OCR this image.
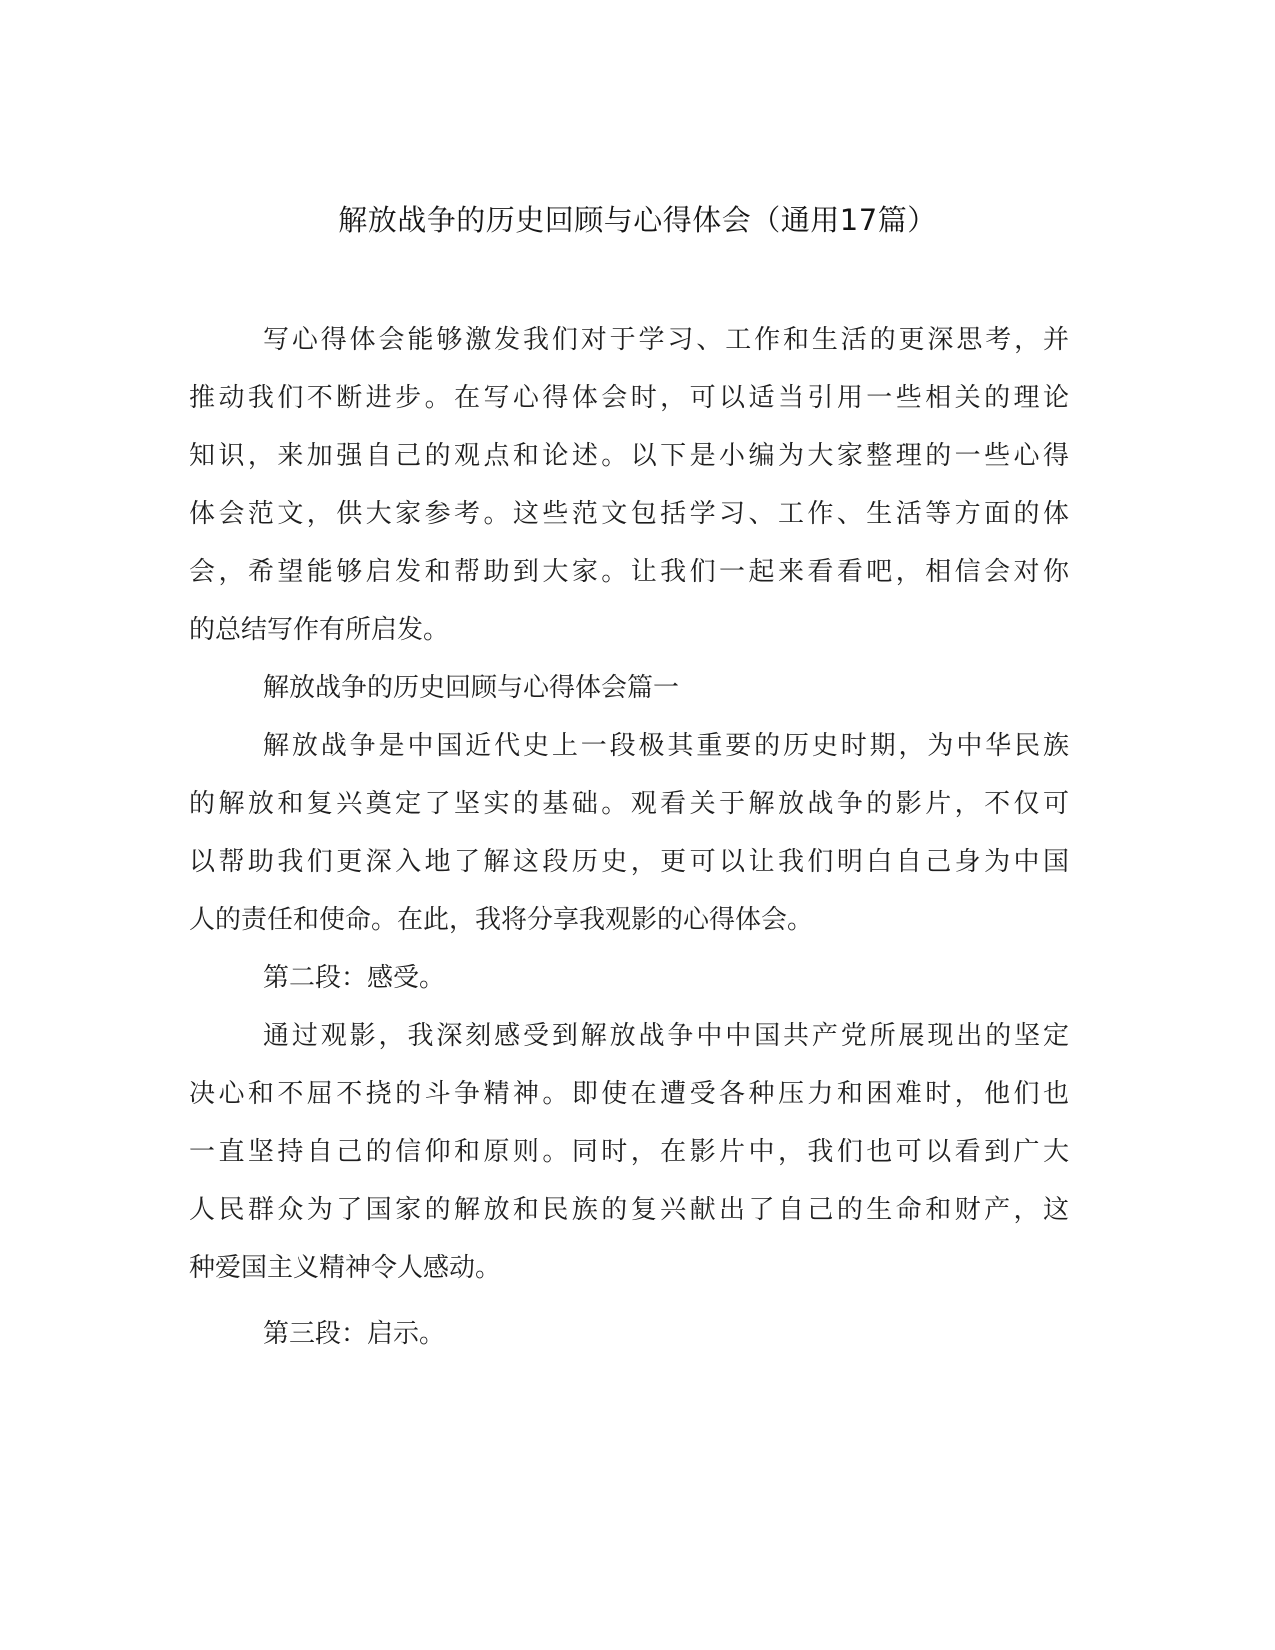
解放战争的历史回顾与心得体会（通用17篇）
写心得体会能够激发我们对于学习、工作和生活的更深思考，并
推动我们不断进步。在写心得体会时，可以适当引用一些相关的理论
知识，来加强自己的观点和论述。以下是小编为大家整理的一些心得
体会范文，供大家参考。这些范文包括学习、工作、生活等方面的体
会，希望能够启发和帮助到大家。让我们一起来看看吧，相信会对你
的总结写作有所启发。
解放战争的历史回顾与心得体会篇一
解放战争是中国近代史上一段极其重要的历史时期，为中华民族
的解放和复兴奠定了坚实的基础。观看关于解放战争的影片，不仅可
以帮助我们更深入地了解这段历史，更可以让我们明白自己身为中国
人的责任和使命。在此，我将分享我观影的心得体会。
第二段：感受。
通过观影，我深刻感受到解放战争中中国共产党所展现出的坚定
决心和不屈不挠的斗争精神。即使在遭受各种压力和困难时，他们也
一直坚持自己的信仰和原则。同时，在影片中，我们也可以看到广大
人民群众为了国家的解放和民族的复兴献出了自己的生命和财产，这
种爱国主义精神令人感动。
第三段：启示。
